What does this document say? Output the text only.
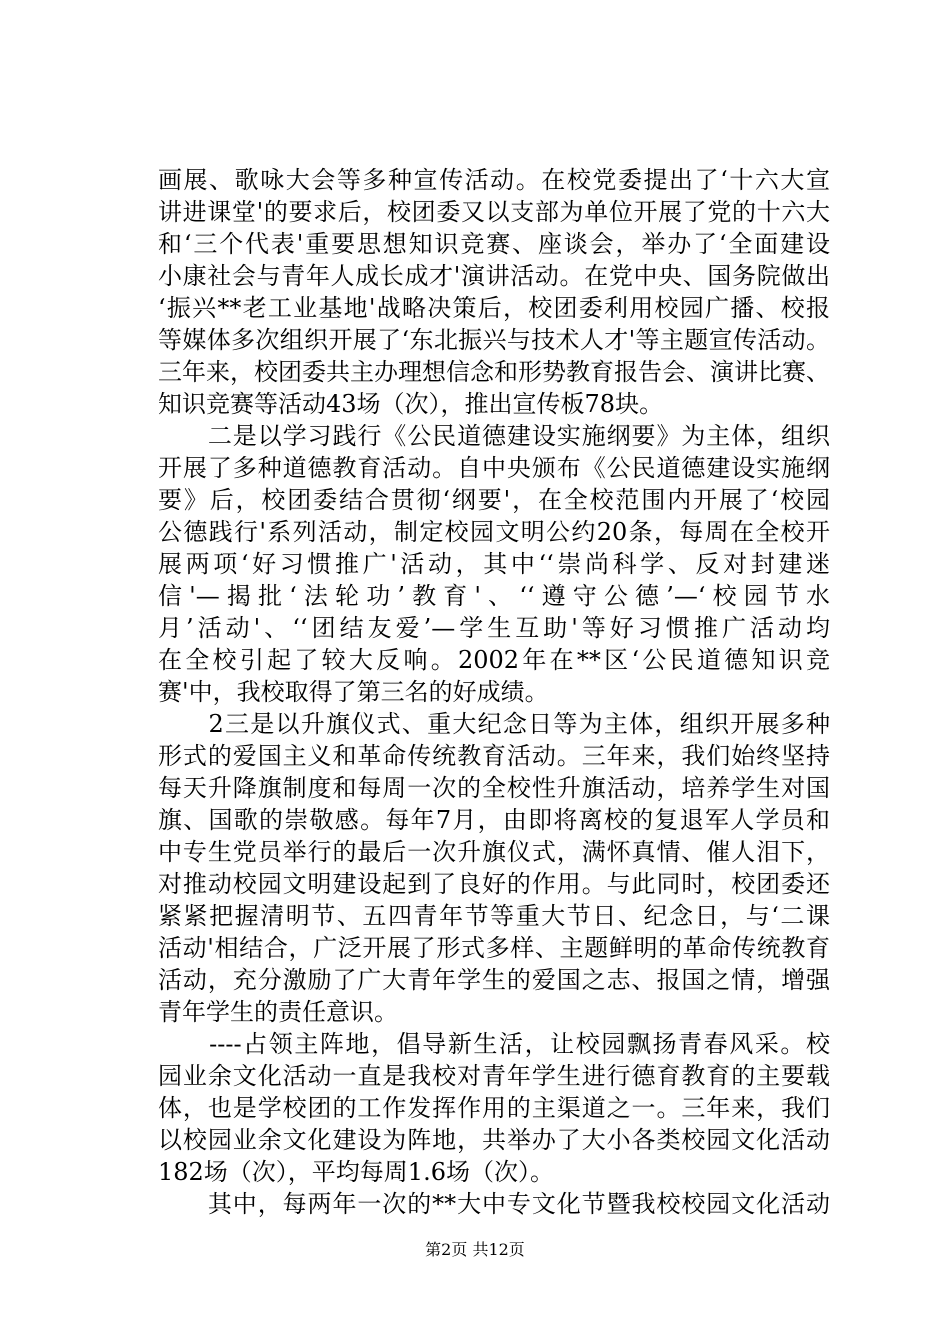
画展、歌咏大会等多种宣传活动。在校党委提出了‘十六大宣
讲进课堂'的要求后，校团委又以支部为单位开展了党的十六大
和‘三个代表'重要思想知识竞赛、座谈会，举办了‘全面建设
小康社会与青年人成长成才'演讲活动。在党中央、国务院做出
‘振兴**老工业基地'战略决策后，校团委利用校园广播、校报
等媒体多次组织开展了‘东北振兴与技术人才'等主题宣传活动。
三年来，校团委共主办理想信念和形势教育报告会、演讲比赛、
知识竞赛等活动43场（次），推出宣传板78块。
　　二是以学习践行《公民道德建设实施纲要》为主体，组织
开展了多种道德教育活动。自中央颁布《公民道德建设实施纲
要》后，校团委结合贯彻‘纲要'，在全校范围内开展了‘校园
公德践行'系列活动，制定校园文明公约20条，每周在全校开
展两项‘好习惯推广'活动，其中‘‘崇尚科学、反对封建迷
信'—揭批‘法轮功’教育'、‘‘遵守公德’—‘校园节水
月’活动'、‘‘团结友爱’—学生互助'等好习惯推广活动均
在全校引起了较大反响。2002年在**区‘公民道德知识竞
赛'中，我校取得了第三名的好成绩。
　　2三是以升旗仪式、重大纪念日等为主体，组织开展多种
形式的爱国主义和革命传统教育活动。三年来，我们始终坚持
每天升降旗制度和每周一次的全校性升旗活动，培养学生对国
旗、国歌的崇敬感。每年7月，由即将离校的复退军人学员和
中专生党员举行的最后一次升旗仪式，满怀真情、催人泪下，
对推动校园文明建设起到了良好的作用。与此同时，校团委还
紧紧把握清明节、五四青年节等重大节日、纪念日，与‘二课
活动'相结合，广泛开展了形式多样、主题鲜明的革命传统教育
活动，充分激励了广大青年学生的爱国之志、报国之情，增强
青年学生的责任意识。
　　----占领主阵地，倡导新生活，让校园飘扬青春风采。校
园业余文化活动一直是我校对青年学生进行德育教育的主要载
体，也是学校团的工作发挥作用的主渠道之一。三年来，我们
以校园业余文化建设为阵地，共举办了大小各类校园文化活动
182场（次），平均每周1.6场（次）。
　　其中，每两年一次的**大中专文化节暨我校校园文化活动
第2页 共12页
